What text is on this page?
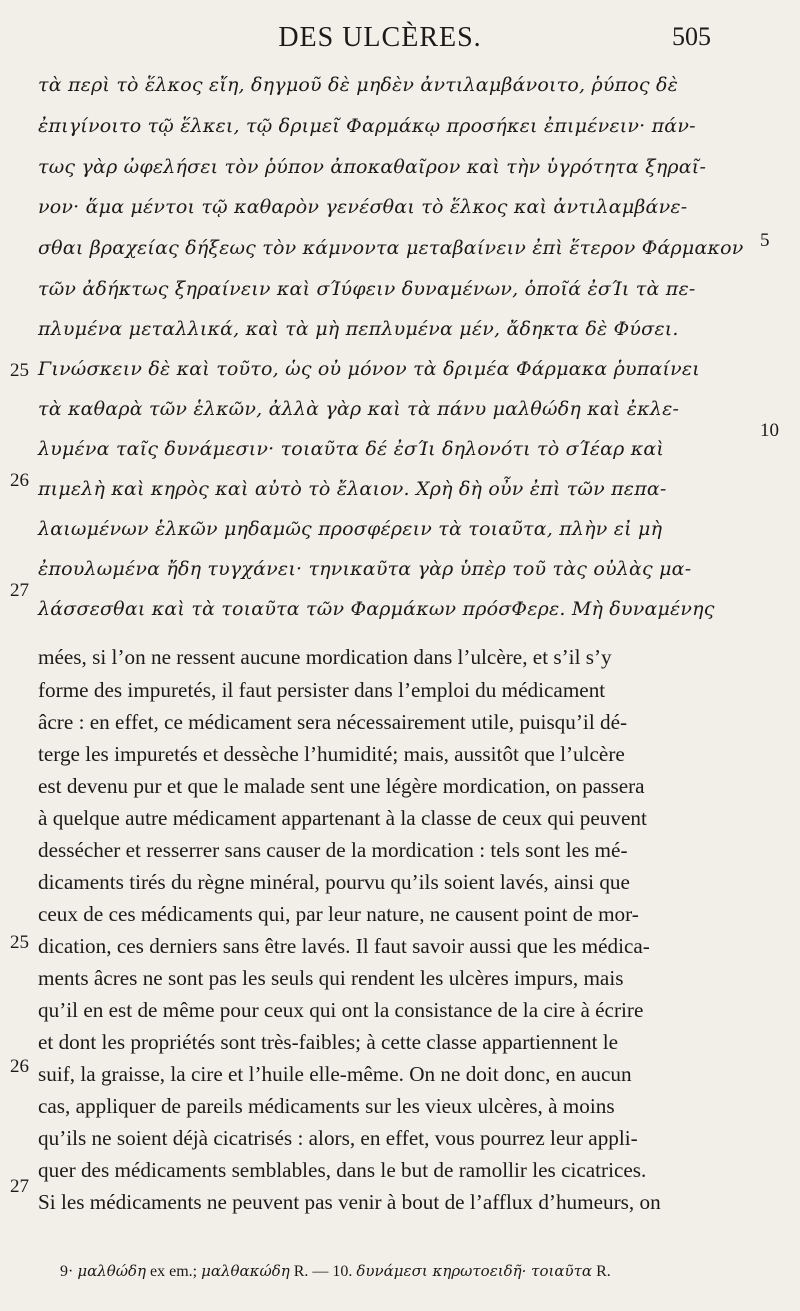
DES ULCÈRES.	505
τὰ περὶ τὸ ἕλκος εἴη, δηγμοῦ δὲ μηδὲν ἀντιλαμβάνοιτο, ῥύπος δὲ
ἐπιγίνοιτο τῷ ἕλκει, τῷ δριμεῖ Φαρμάκῳ προσήκει ἐπιμένειν· πάν-
τως γὰρ ὠφελήσει τὸν ῥύπον ἀποκαθαῖρον καὶ τὴν ὑγρότητα ξηραῖ-
νον· ἅμα μέντοι τῷ καθαρὸν γενέσθαι τὸ ἕλκος καὶ ἀντιλαμβάνε-
σθαι βραχείας δήξεως τὸν κάμνοντα μεταβαίνειν ἐπὶ ἕτερον Φάρμακον
τῶν ἀδήκτως ξηραίνειν καὶ σΊύφειν δυναμένων, ὁποῖά ἐσΊι τὰ πε-
πλυμένα μεταλλικά, καὶ τὰ μὴ πεπλυμένα μέν, ἄδηκτα δὲ Φύσει.
Γινώσκειν δὲ καὶ τοῦτο, ὡς οὐ μόνον τὰ δριμέα Φάρμακα ῥυπαίνει
τὰ καθαρὰ τῶν ἑλκῶν, ἀλλὰ γὰρ καὶ τὰ πάνυ μαλθώδη καὶ ἐκλε-
λυμένα ταῖς δυνάμεσιν· τοιαῦτα δέ ἐσΊι δηλονότι τὸ σΊέαρ καὶ
πιμελὴ καὶ κηρὸς καὶ αὐτὸ τὸ ἔλαιον. Χρὴ δὴ οὖν ἐπὶ τῶν πεπα-
λαιωμένων ἑλκῶν μηδαμῶς προσφέρειν τὰ τοιαῦτα, πλὴν εἰ μὴ
ἐπουλωμένα ἤδη τυγχάνει· τηνικαῦτα γὰρ ὑπὲρ τοῦ τὰς οὐλὰς μα-
λάσσεσθαι καὶ τὰ τοιαῦτα τῶν Φαρμάκων πρόσΦερε. Μὴ δυναμένης
25
26
27
5
10
mées, si l’on ne ressent aucune mordication dans l’ulcère, et s’il s’y
forme des impuretés, il faut persister dans l’emploi du médicament
âcre : en effet, ce médicament sera nécessairement utile, puisqu’il dé-
terge les impuretés et dessèche l’humidité; mais, aussitôt que l’ulcère
est devenu pur et que le malade sent une légère mordication, on passera
à quelque autre médicament appartenant à la classe de ceux qui peuvent
dessécher et resserrer sans causer de la mordication : tels sont les mé-
dicaments tirés du règne minéral, pourvu qu’ils soient lavés, ainsi que
ceux de ces médicaments qui, par leur nature, ne causent point de mor-
dication, ces derniers sans être lavés. Il faut savoir aussi que les médica-
ments âcres ne sont pas les seuls qui rendent les ulcères impurs, mais
qu’il en est de même pour ceux qui ont la consistance de la cire à écrire
et dont les propriétés sont très-faibles; à cette classe appartiennent le
suif, la graisse, la cire et l’huile elle-même. On ne doit donc, en aucun
cas, appliquer de pareils médicaments sur les vieux ulcères, à moins
qu’ils ne soient déjà cicatrisés : alors, en effet, vous pourrez leur appli-
quer des médicaments semblables, dans le but de ramollir les cicatrices.
Si les médicaments ne peuvent pas venir à bout de l’afflux d’humeurs, on
25
26
27
9· μαλθώδη ex em.; μαλθακώδη R. — 10. δυνάμεσι κηρωτοειδῆ· τοιαῦτα R.
